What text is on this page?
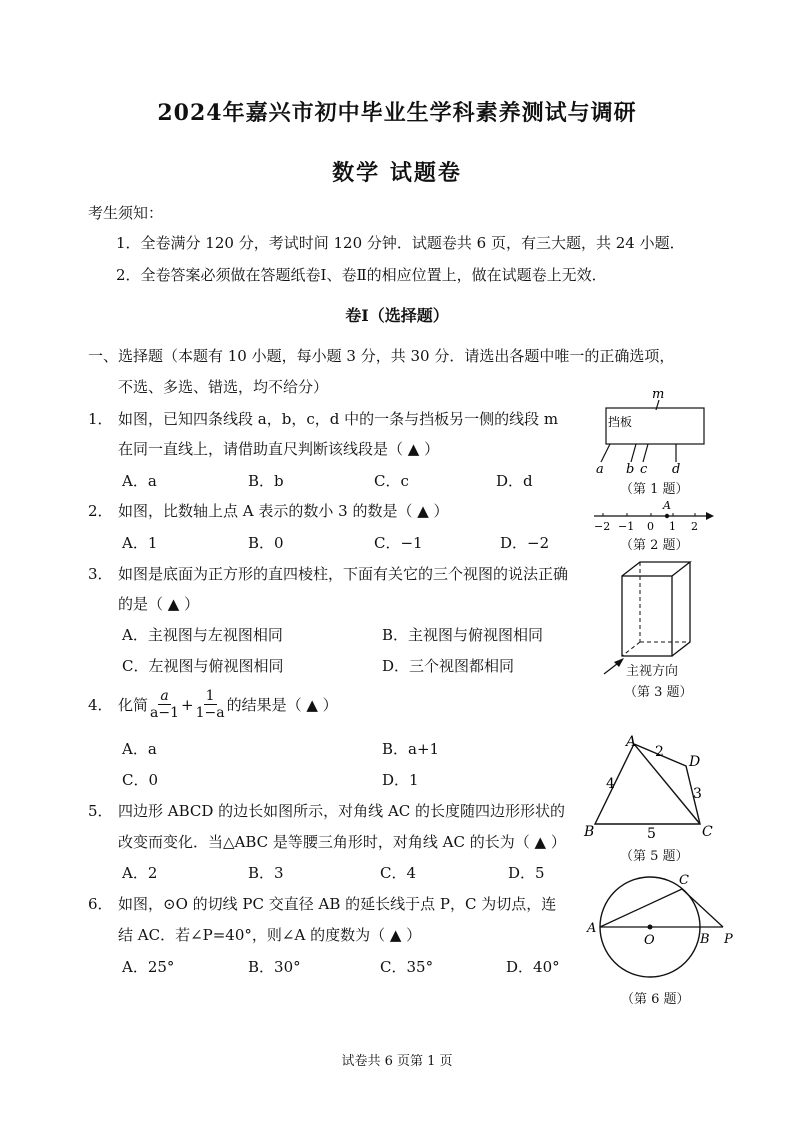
2024年嘉兴市初中毕业生学科素养测试与调研
数学 试题卷
考生须知：
1．全卷满分 120 分，考试时间 120 分钟．试题卷共 6 页，有三大题，共 24 小题．
2．全卷答案必须做在答题纸卷Ⅰ、卷Ⅱ的相应位置上，做在试题卷上无效．
卷Ⅰ（选择题）
一、选择题（本题有 10 小题，每小题 3 分，共 30 分．请选出各题中唯一的正确选项，
不选、多选、错选，均不给分）
1． 如图，已知四条线段 a，b，c，d 中的一条与挡板另一侧的线段 m
在同一直线上，请借助直尺判断该线段是（ ▲ ）
A．a	B．b	C．c	D．d
2． 如图，比数轴上点 A 表示的数小 3 的数是（ ▲ ）
A．1	B．0	C．−1	D．−2
3． 如图是底面为正方形的直四棱柱，下面有关它的三个视图的说法正确
的是（ ▲ ）
A．主视图与左视图相同	B．主视图与俯视图相同
C．左视图与俯视图相同	D．三个视图都相同
4． 化简 $\frac{a}{a-1} + \frac{1}{1-a}$ 的结果是（ ▲ ）
A．a	B．a+1
C．0	D．1
5． 四边形 ABCD 的边长如图所示，对角线 AC 的长度随四边形形状的
改变而变化．当△ABC 是等腰三角形时，对角线 AC 的长为（ ▲ ）
A．2	B．3	C．4	D．5
6． 如图，⊙O 的切线 PC 交直径 AB 的延长线于点 P，C 为切点，连
结 AC．若∠P=40°，则∠A 的度数为（ ▲ ）
A．25°	B．30°	C．35°	D．40°
挡板
m
a b c d
（第 1 题）
A
−2 −1 0 1 2
（第 2 题）
主视方向
（第 3 题）
A
B	C
D
2
4
3
5
（第 5 题）
A
O	B P
C
（第 6 题）
试卷共 6 页第 1 页
